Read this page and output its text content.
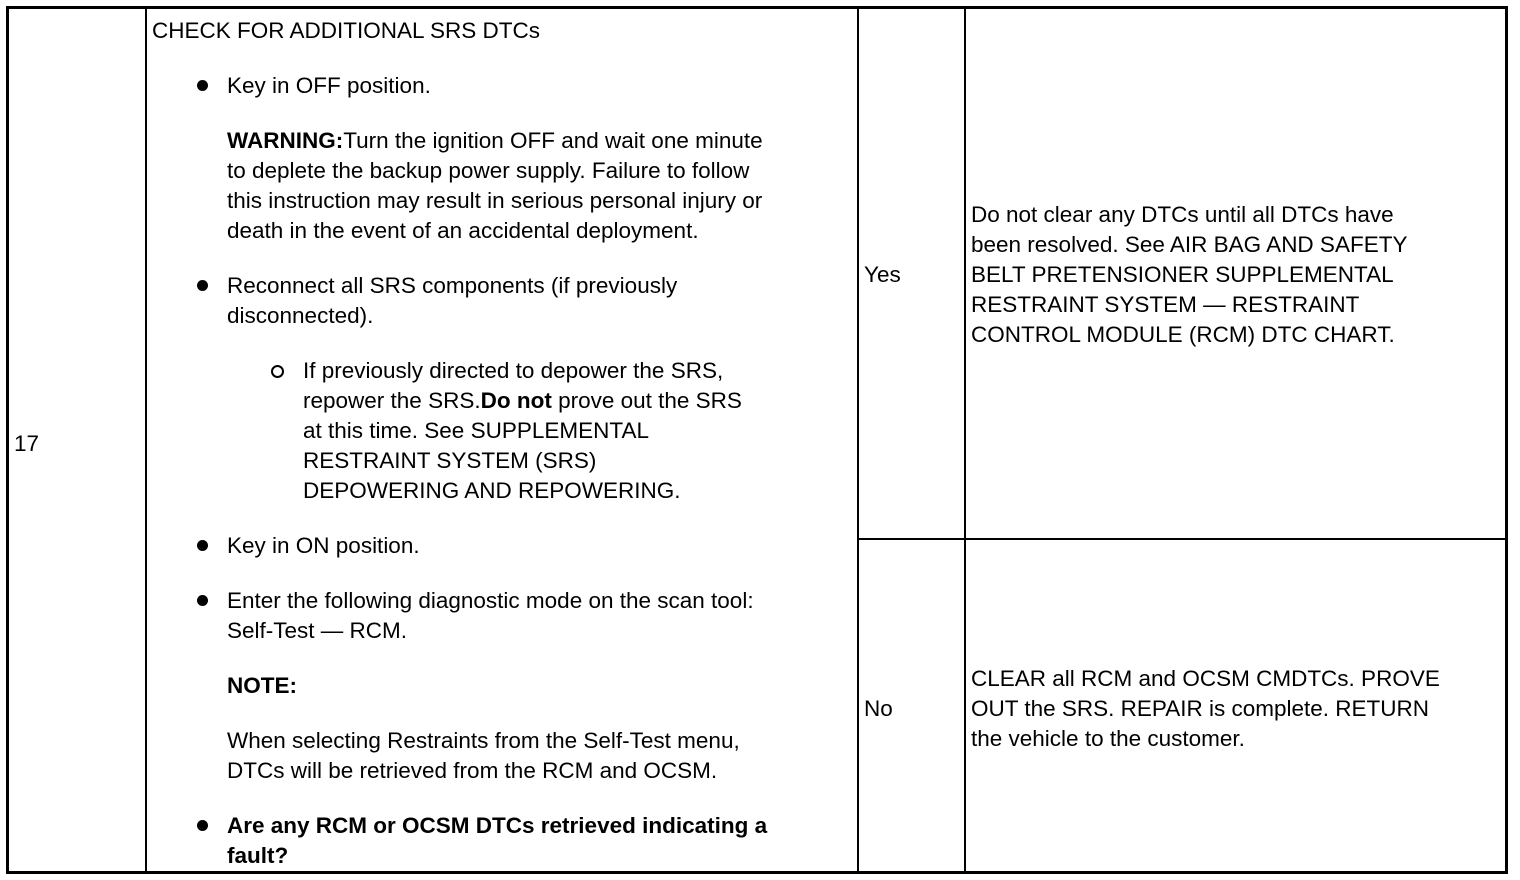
17
CHECK FOR ADDITIONAL SRS DTCs
Key in OFF position.
WARNING:Turn the ignition OFF and wait one minute
to deplete the backup power supply. Failure to follow
this instruction may result in serious personal injury or
death in the event of an accidental deployment.
Reconnect all SRS components (if previously
disconnected).
If previously directed to depower the SRS,
repower the SRS.Do not prove out the SRS
at this time. See SUPPLEMENTAL
RESTRAINT SYSTEM (SRS)
DEPOWERING AND REPOWERING.
Key in ON position.
Enter the following diagnostic mode on the scan tool:
Self-Test — RCM.
NOTE:
When selecting Restraints from the Self-Test menu,
DTCs will be retrieved from the RCM and OCSM.
Are any RCM or OCSM DTCs retrieved indicating a
fault?
Yes
Do not clear any DTCs until all DTCs have
been resolved. See AIR BAG AND SAFETY
BELT PRETENSIONER SUPPLEMENTAL
RESTRAINT SYSTEM — RESTRAINT
CONTROL MODULE (RCM) DTC CHART.
No
CLEAR all RCM and OCSM CMDTCs. PROVE
OUT the SRS. REPAIR is complete. RETURN
the vehicle to the customer.
